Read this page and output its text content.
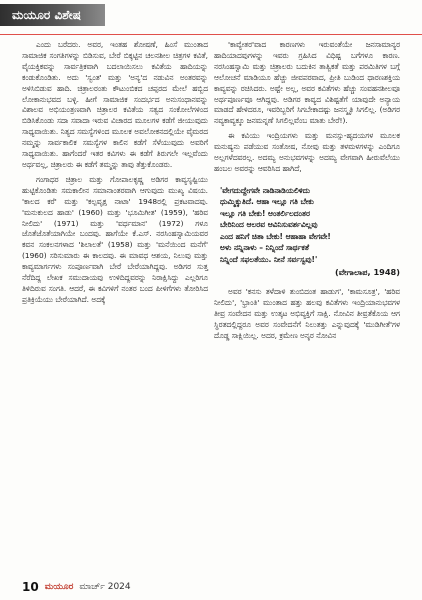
ಮಯೂರ ವಿಶೇಷ

ಎಂದು ಬರೆದರು. ಅವರ, ಇಂತಹ ಶೋಷಣೆ, ಹಿಂಸೆ ಮುಂತಾದ ಸಾಮಾಜಿಕ ಸಂಗತಿಗಳನ್ನು ಬಿಡಿಸುವ, ಬೇರೆ ಬಿಕ್ಕಟ್ಟಿನ ಚಲನಶೀಲ ಚಿತ್ರಗಳ ಕವಿತೆ, ವೈಯಕ್ತಿಕವನ್ನು ಸಾರ್ವತ್ರಿಕವಾಗಿ ಬದಲಾಯಿಸಲು ಕವಿತೆಯ ಹಾದಿಯನ್ನು ಕಂಡುಕೊಂಡಿತು. ಅದು 'ಸ್ವಂತ' ಮತ್ತು 'ಅನ್ಯ'ದ ನಡುವಿನ ಅಂತರವನ್ನು ಅಳಿಸಿಬಿಡುವ ಹಾದಿ. ಚಿತ್ರಾಲರಂತು ಕೌಟುಂಬಿಕದ ಚಪ್ಪರದ ಮೇಲೆ ಹಬ್ಬಿದ ಲೋಕಾನುಭವದ ಬಳ್ಳಿ. ಹೀಗೆ ಸಾಮಾಜಿಕ ಸಂದರ್ಭದ ಅನುಸಂಧಾನವನ್ನು ವಿಶಾಲವ ಅಭಿಯಂತ್ರಣವಾಗಿ ಚಿತ್ರಾಲರ ಕವಿತೆಯ ಸತ್ವದ ಸಂಕೋಲೆಗಳಿಂದ ಬಿಡಿಸಿಕೊಂಡು ಸದಾ ಸವಾದಾ ಇರುವ ವಿಚಾರದ ಮೂಲಗಳ ಕಡೆಗೆ ಜೀಯುವುದು ಸಾಧ್ಯವಾಯಿತು. ನಿತ್ಯದ ಸಮಸ್ಯೆಗಳಿಂದ ಮೂಲಕ ಅವಲೋಕನದಲ್ಲಿಯೇ ವೈಮರದ ನಮ್ಮನ್ನು ಸಾರ್ವಕಾಲಿಕ ಸಮಸ್ಯೆಗಳ ಕಾಲಿನ ಕಡೆಗೆ ಸೆಳೆಯುವುದು ಅವರಿಗೆ ಸಾಧ್ಯವಾಯಿತು. ಹಾಗೆಂದರೆ ಇತರ ಕವಿಗಳು ಈ ಕಡೆಗೆ ತಿರುಗಲೇ ಇಲ್ಲವೆಂದು ಅರ್ಥವಲ್ಲ, ಚಿತ್ರಾಲರು ಈ ಕಡೆಗೆ ತಮ್ಮನ್ನು ತಾವು ತೆತ್ತುಕೊಂಡರು.

ಗಂಗಾಧರ ಚಿತ್ರಾಲ ಮತ್ತು ಗೋಪಾಲಕೃಷ್ಣ ಅಡಿಗರ ಕಾವ್ಯಸೃಷ್ಟಿಯು ಹುಟ್ಟಿಕೊಂಡಿತು ಸಮಕಾಲೀನ ಸಮಾನಾಂತರವಾಗಿ ಆಗುವುದು ಮುಖ್ಯ ವಿಷಯ. 'ಕಾಲದ ಕರೆ' ಮತ್ತು 'ಕಲ್ಪವೃಕ್ಷ ನಾಟಾ' 1948ರಲ್ಲಿ ಪ್ರಕಟವಾದವು. 'ಮನುಕುಲದ ಹಾಡು' (1960) ಮತ್ತು 'ಭೂಮಿಗೀತ' (1959), 'ಹರಿವ ನೀಲಿದು' (1971) ಮತ್ತು 'ವರ್ಧಮಾನ' (1972) ಗಳೂ ಜೊತೆಜೊತೆಯಾಗಿಯೇ ಬಂದವು. ಹಾಗೆಯೇ ಕೆ.ಎಸ್. ನರಸಿಂಹಸ್ವಾಮಿಯವರ ಕವನ ಸಂಕಲನಗಳಾದ 'ಶಿಲಾಲತೆ' (1958) ಮತ್ತು 'ಮನೆಯಿಂದ ಮನೆಗೆ' (1960) ಸರಿಸುಮಾರು ಈ ಕಾಲದವು. ಈ ಮಾವಧ ಆಶಯ, ನಿಲುವು ಮತ್ತು ಕಾವ್ಯಮಾರ್ಗಗಳು ಸಂಪೂರ್ಣವಾಗಿ ಬೇರೆ ಬೇರೆಯಾಗಿದ್ದವು. ಅಡಿಗರ ಸುತ್ತ ನೆರೆದಿದ್ದ ಲೇಖಕ ಸಮುದಾಯವು ಉಳಿದಿದ್ದವರನ್ನು ನಿರಾಕ್ಷಿಸಿದ್ದು ಎಲ್ಲರಿಗೂ ತಿಳಿದಿರುವ ಸಂಗತಿ. ಆದರೆ, ಈ ಕವಿಗಳಿಗೆ ನಂತರ ಬಂದ ಪೀಳಿಗೆಗಳು ತೋರಿಸಿದ ಪ್ರತಿಕ್ರಿಯೆಯು ಬೇರೆಯಾಗಿದೆ. ಅದಕ್ಕೆ

'ಕಾವ್ಯೇತರ'ವಾದ ಕಾರಣಗಳು ಇರುವಂತೆಯೇ ಜನಸಾಮಾನ್ಯರ ಹಾದಿಯಾದವುಗಳನ್ನು ಇವರು ಗ್ರಹಿಸಿದ ವಿಧಿಷ್ಟ ಬಗೆಗಳೂ ಕಾರಣ. ನರಸಿಂಹಸ್ವಾಮಿ ಮತ್ತು ಚಿತ್ರಾಲರು ಬದುಕಿನ ತಾತ್ವಿಕತೆ ಮತ್ತು ಪರಮಿತಿಗಳ ಬಗ್ಗೆ ಆಲೋಚನೆ ಮಾಡಿಯೂ ಹೆಚ್ಚು ಜೀವಪರವಾದ, ಪ್ರೀತಿ ಬುಡಿಂದ ಧಾರಣಶಕ್ತಿಯ ಕಾವ್ಯವನ್ನು ರಚಿಸಿದರು. ಅಷ್ಟೇ ಅಲ್ಲ, ಅವರ ಕವಿತೆಗಳು ಹೆಚ್ಚು ಸಂವಹನಶೀಲವೂ ಅರ್ಥಪೂರ್ಣವೂ ಆಗಿದ್ದವು. ಅಡಿಗರ ಕಾವ್ಯದ ವಿಶಿಷ್ಟತೆಗೆ ಯಾವುದೇ ಅನ್ಯಾಯ ಮಾಡದೆ ಹೇಳಿದರೂ, ಇವರಿಬ್ಬರಿಗೆ ಸಿಗಬೇಕಾದಷ್ಟು ಜನಸ್ಮೃತಿ ಸಿಗಲಿಲ್ಲ. (ಅಡಿಗರ ನವ್ಯಕಾವ್ಯಕ್ಕೂ ಜನಮನ್ನಣೆ ಸಿಗಲಿಲ್ಲವೆಂಬ ಮಾತು ಬೇರೆ!).

ಈ ಕವಿಯು ಇಂದ್ರಿಯಗಳು ಮತ್ತು ಮನಸ್ಸು-ಹೃದಯಗಳ ಮೂಲಕ ಮನುಷ್ಯನು ಪಡೆಯುವ ಸಂತೋಷ, ನೋವು ಮತ್ತು ತಳಮಳಗಳನ್ನು ಎಂದಿಗೂ ಅಲ್ಲಗಳೆದವರಲ್ಲ. ಅದಮ್ಯ ಅನುಭವಗಳನ್ನು ಅದಮ್ಯ ವೇಗವಾಗಿ ಹೀರುವೆಲೆಯು ಹಂಬಲ ಅವರನ್ನು ಆವರಿಸಿದ ಹಾಗಿದೆ,

'ವೇಗದುದ್ದೇಗವೇ ನಾಡಿನಾಡಿಯಲಿಳಿದು
ಧುಮ್ಮಿಕ್ಕುತಿದೆ. ಆಹಾ ಇಲ್ಲೂ ಗತಿ ಬೇಕು
ಇಲ್ಲೂ ಗತಿ ಬೇಕು! ಆಂತರ್ಲಿಲದಂತರ
ಬೇರಿನಿಂದ ಆಲರವ ಆವಿನಿಸುವರ್ಶವಿಲ್ಲವು
ಎಂದ ಹನಿಗೆ ಚಿತಾ ಬೇಕು! ಆಹಾಹಾ ವೇಗವೇ!
ಅಳು ನನ್ನಿನಾಳು – ನಿನ್ನಿಂದೆ ಸಾರ್ಥಕತೆ
ನಿನ್ನಿಂದೆ ಸಫಲತೆಯು. ನೀನೆ ಸರ್ವಸ್ವವು!'
(ವೇಗಾಲಾಪ, 1948)

ಅವರ 'ಕನಸು ತಳೆದಾಳಿ ತುಂಬಿದಂತ ಹಾಡುಗ', 'ಕಾಮಸೂತ್ರ', 'ಹರಿವ ನೀಲಿದು', 'ಭ್ರಾಂತಿ' ಮುಂತಾದ ಹತ್ತು ಹಲವು ಕವಿತೆಗಳು ಇಂದ್ರಿಯಾನುಭವಗಳ ತೀವ್ರ ಸಂವೇದನ ಮತ್ತು ಉತ್ಕಟ ಅಭಿವ್ಯಕ್ತಿಗೆ ಸಾಕ್ಷಿ. ನೋವಿನ ತೀವ್ರತೆಕೊಯ ಆಗ ಸ್ಥಿರತದಲ್ಲಿದ್ದರೂ ಅವರ ಸಂವೇದನೆಗೆ ನಿಲುತತ್ತು ಎನ್ನುವುದಕ್ಕೆ 'ಮುಡಿಗೀತೆ'ಗಳ ದೊಡ್ಡ ಸಾಕ್ಷಿಯಿಲ್ಲ. ಅದರ, ಕ್ರಮೇಣ ಅನೃರ ನೋವಿನ

10 ಮಯೂರ ಮಾರ್ಚ್ 2024
